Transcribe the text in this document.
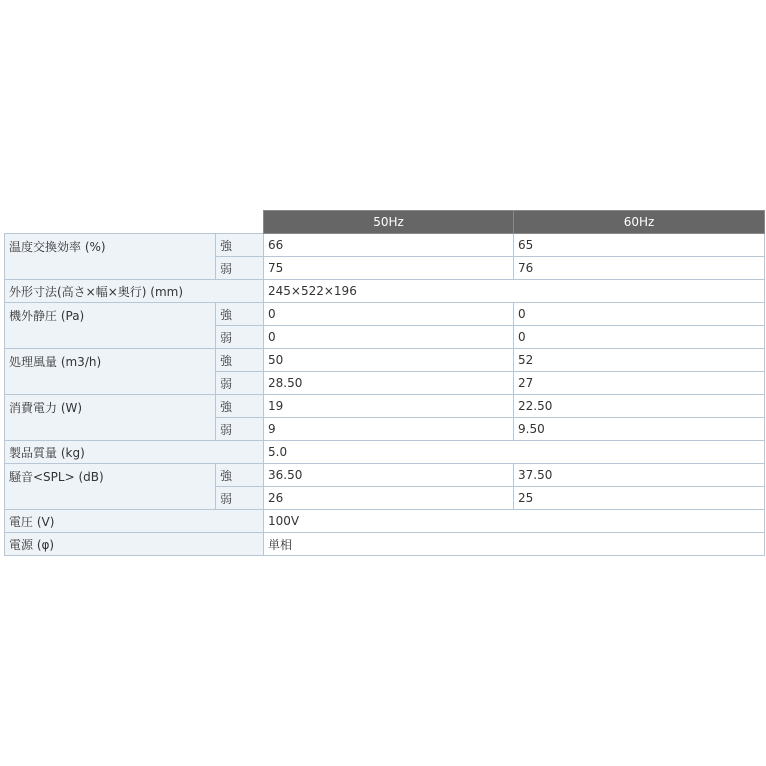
		50Hz	60Hz
温度交換効率 (%)	強	66	65
	弱	75	76
外形寸法(高さ×幅×奥行) (mm)		245×522×196	
機外静圧 (Pa)	強	0	0
	弱	0	0
処理風量 (m3/h)	強	50	52
	弱	28.50	27
消費電力 (W)	強	19	22.50
	弱	9	9.50
製品質量 (kg)		5.0	
騒音<SPL> (dB)	強	36.50	37.50
	弱	26	25
電圧 (V)		100V	
電源 (φ)		単相	
